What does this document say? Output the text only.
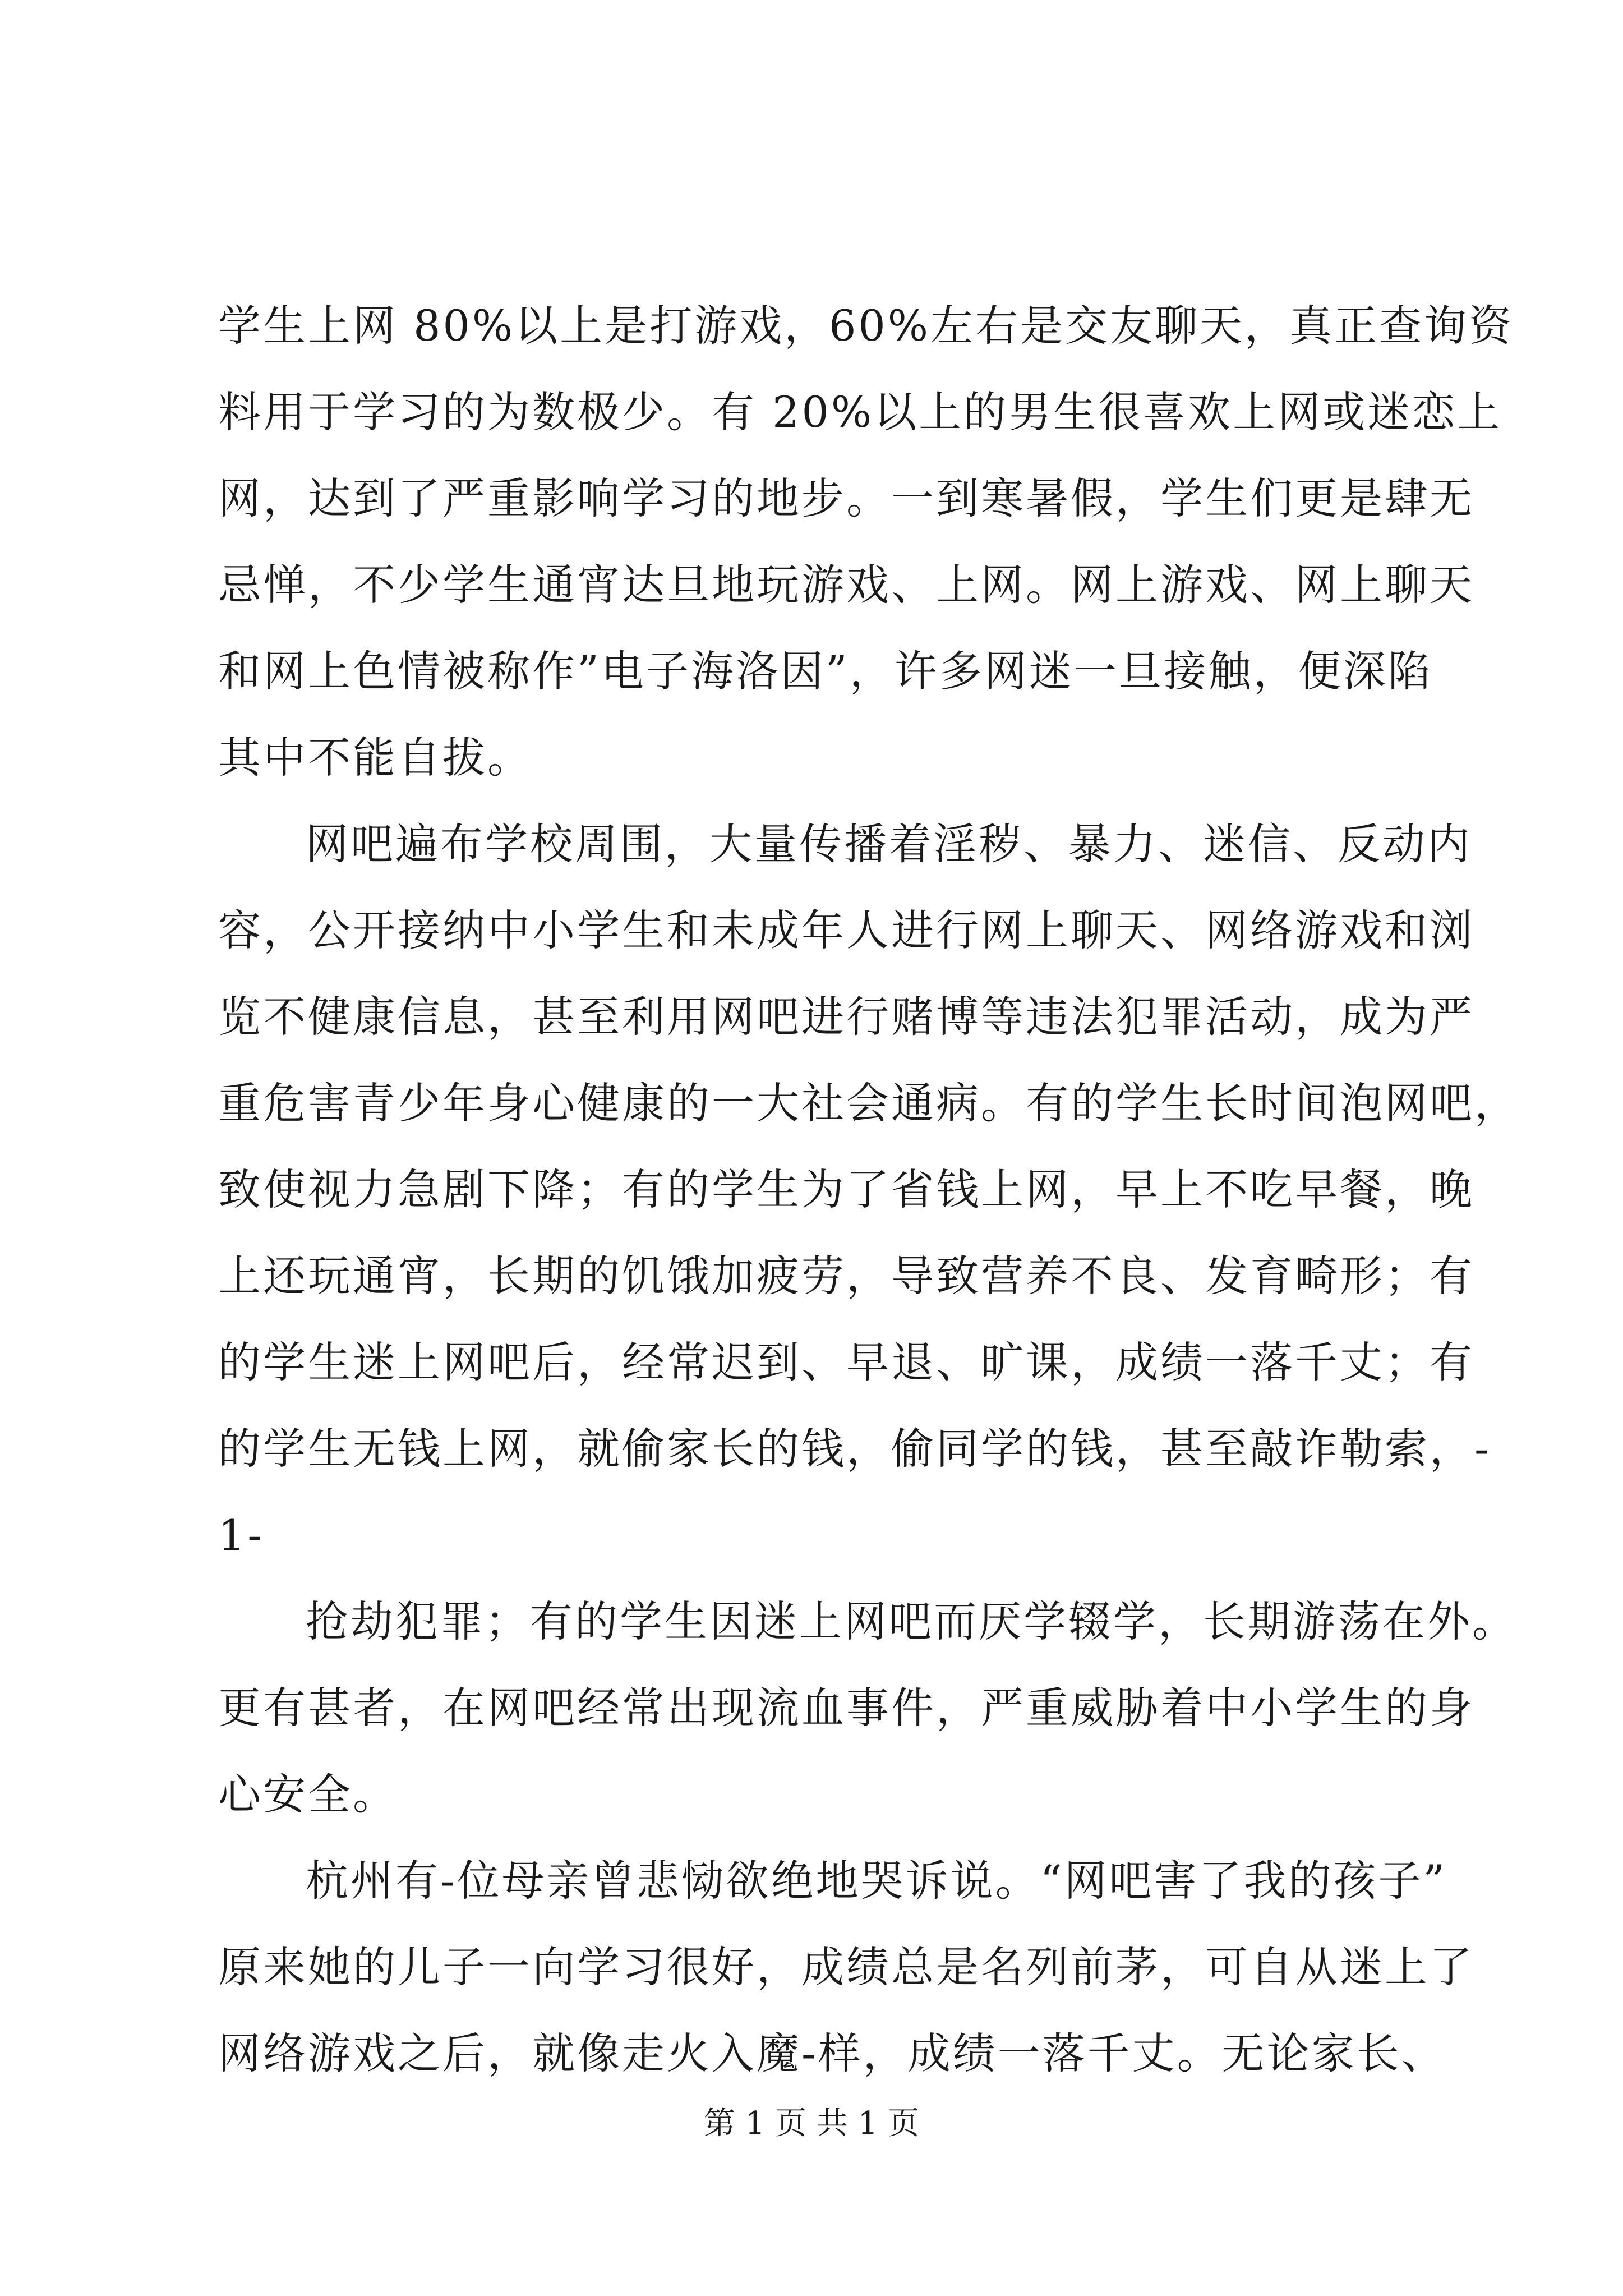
学生上网 80%以上是打游戏，60%左右是交友聊天，真正查询资

料用于学习的为数极少。有 20%以上的男生很喜欢上网或迷恋上

网，达到了严重影响学习的地步。一到寒暑假，学生们更是肆无

忌惮，不少学生通宵达旦地玩游戏、上网。网上游戏、网上聊天

和网上色情被称作”电子海洛因”，许多网迷一旦接触，便深陷

其中不能自拔。

网吧遍布学校周围，大量传播着淫秽、暴力、迷信、反动内

容，公开接纳中小学生和未成年人进行网上聊天、网络游戏和浏

览不健康信息，甚至利用网吧进行赌博等违法犯罪活动，成为严

重危害青少年身心健康的一大社会通病。有的学生长时间泡网吧，

致使视力急剧下降；有的学生为了省钱上网，早上不吃早餐，晚

上还玩通宵，长期的饥饿加疲劳，导致营养不良、发育畸形；有

的学生迷上网吧后，经常迟到、早退、旷课，成绩一落千丈；有

的学生无钱上网，就偷家长的钱，偷同学的钱，甚至敲诈勒索，-

1-

抢劫犯罪；有的学生因迷上网吧而厌学辍学，长期游荡在外。

更有甚者，在网吧经常出现流血事件，严重威胁着中小学生的身

心安全。

杭州有-位母亲曾悲恸欲绝地哭诉说。“网吧害了我的孩子”

原来她的儿子一向学习很好，成绩总是名列前茅，可自从迷上了

网络游戏之后，就像走火入魔-样，成绩一落千丈。无论家长、

第 1 页 共 1 页
